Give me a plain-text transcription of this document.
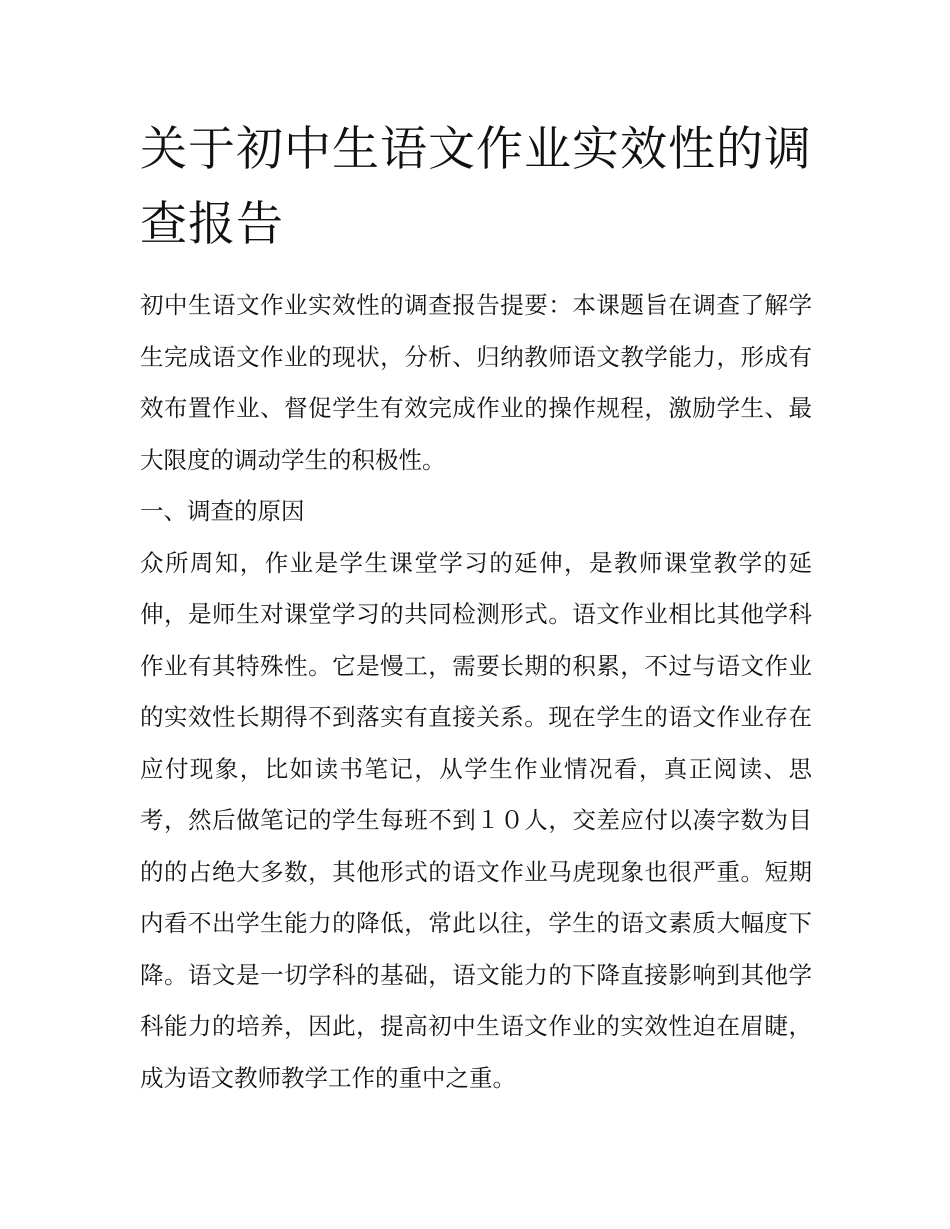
关于初中生语文作业实效性的调查报告

初中生语文作业实效性的调查报告提要：本课题旨在调查了解学生完成语文作业的现状，分析、归纳教师语文教学能力，形成有效布置作业、督促学生有效完成作业的操作规程，激励学生、最大限度的调动学生的积极性。

一、调查的原因

众所周知，作业是学生课堂学习的延伸，是教师课堂教学的延伸，是师生对课堂学习的共同检测形式。语文作业相比其他学科作业有其特殊性。它是慢工，需要长期的积累，不过与语文作业的实效性长期得不到落实有直接关系。现在学生的语文作业存在应付现象，比如读书笔记，从学生作业情况看，真正阅读、思考，然后做笔记的学生每班不到１０人，交差应付以凑字数为目的的占绝大多数，其他形式的语文作业马虎现象也很严重。短期内看不出学生能力的降低，常此以往，学生的语文素质大幅度下降。语文是一切学科的基础，语文能力的下降直接影响到其他学科能力的培养，因此，提高初中生语文作业的实效性迫在眉睫，成为语文教师教学工作的重中之重。
